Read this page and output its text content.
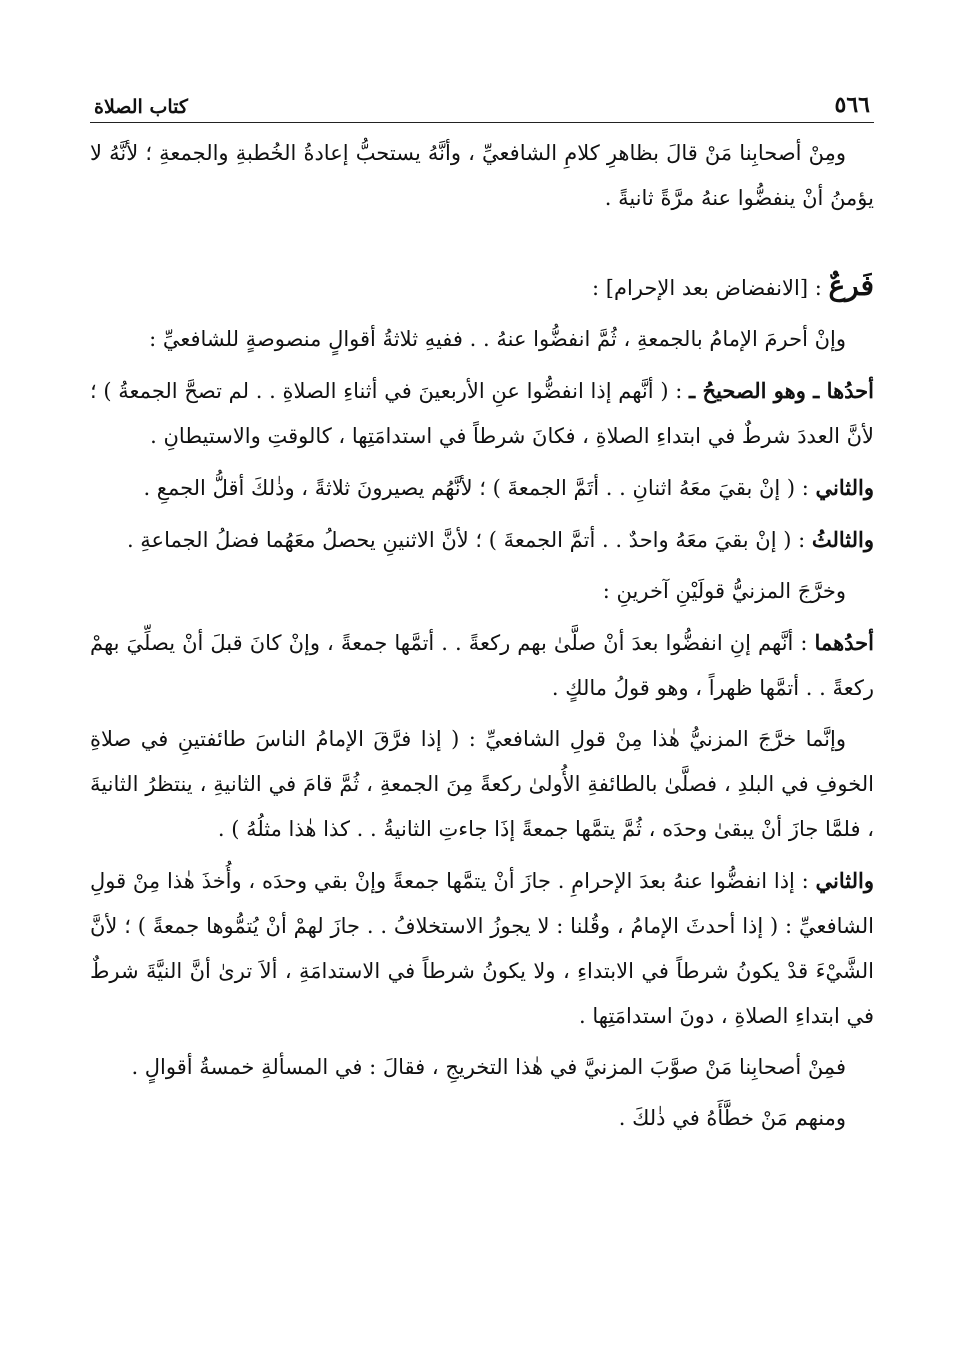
٥٦٦
كتاب الصلاة

ومِنْ أصحابِنا مَنْ قالَ بظاهرِ كلامِ الشافعيِّ ، وأنَّهُ يستحبُّ إعادةُ الخُطبةِ والجمعةِ ؛ لأنَّهُ لا يؤمنُ أنْ ينفضُّوا عنهُ مرَّةً ثانيةً .

فَرعٌ : [الانفضاض بعد الإحرام] :

وإنْ أحرمَ الإمامُ بالجمعةِ ، ثُمَّ انفضُّوا عنهُ . . ففيهِ ثلاثةُ أقوالٍ منصوصةٍ للشافعيِّ :

أحدُها ـ وهو الصحيحُ ـ : ( أنَّهم إذا انفضُّوا عنِ الأربعينَ في أثناءِ الصلاةِ . . لم تصحَّ الجمعةُ ) ؛ لأنَّ العددَ شرطٌ في ابتداءِ الصلاةِ ، فكانَ شرطاً في استدامَتِها ، كالوقتِ والاستيطانِ .

والثاني : ( إنْ بقيَ معَهُ اثنانِ . . أتَمَّ الجمعةَ ) ؛ لأنَّهُم يصيرونَ ثلاثةً ، وذٰلكَ أقلُّ الجمعِ .

والثالثُ : ( إنْ بقيَ معَهُ واحدٌ . . أتمَّ الجمعةَ ) ؛ لأنَّ الاثنينِ يحصلُ معَهُما فضلُ الجماعةِ .

وخرَّجَ المزنيُّ قولَيْنِ آخرينِ :

أحدُهما : أنَّهم إنِ انفضُّوا بعدَ أنْ صلَّىٰ بهم ركعةً . . أتمَّها جمعةً ، وإنْ كانَ قبلَ أنْ يصلِّيَ بهمْ ركعةً . . أتمَّها ظهراً ، وهو قولُ مالكٍ .

وإنَّما خرَّجَ المزنيُّ هٰذا مِنْ قولِ الشافعيِّ : ( إذا فرَّقَ الإمامُ الناسَ طائفتينِ في صلاةِ الخوفِ في البلدِ ، فصلَّىٰ بالطائفةِ الأُولىٰ ركعةً مِنَ الجمعةِ ، ثُمَّ قامَ في الثانيةِ ، ينتظرُ الثانيةَ ، فلمَّا جازَ أنْ يبقىٰ وحدَه ، ثُمَّ يتمَّها جمعةً إذَا جاءتِ الثانيةُ . . كذا هٰذا مثلُهُ ) .

والثاني : إذا انفضُّوا عنهُ بعدَ الإحرامِ . جازَ أنْ يتمَّها جمعةً وإنْ بقي وحدَه ، وأُخذَ هٰذا مِنْ قولِ الشافعيِّ : ( إذا أحدثَ الإمامُ ، وقُلنا : لا يجوزُ الاستخلافُ . . جازَ لهمْ أنْ يُتمُّوها جمعةً ) ؛ لأنَّ الشَّيْءَ قدْ يكونُ شرطاً في الابتداءِ ، ولا يكونُ شرطاً في الاستدامَةِ ، ألاَ ترىٰ أنَّ النيَّةَ شرطٌ في ابتداءِ الصلاةِ ، دونَ استدامَتِها .

فمِنْ أصحابِنا مَنْ صوَّبَ المزنيَّ في هٰذا التخريجِ ، فقالَ : في المسألةِ خمسةُ أقوالٍ .

ومنهم مَنْ خطَّأَهُ في ذٰلكَ .
